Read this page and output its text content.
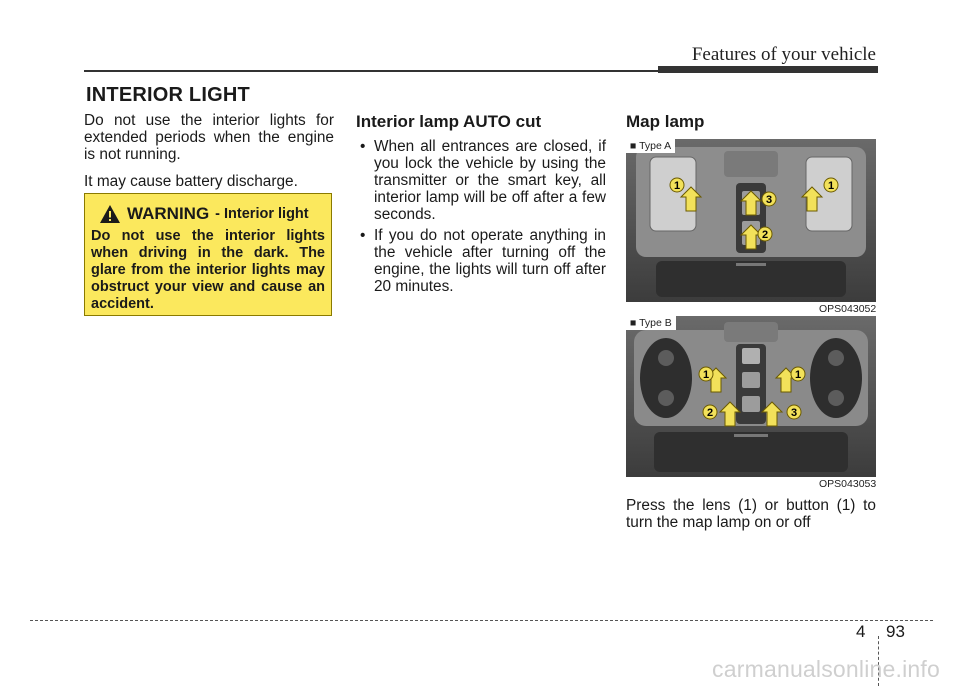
Features of your vehicle
INTERIOR LIGHT

Do not use the interior lights for extended periods when the engine is not running.

It may cause battery discharge.

WARNING - Interior light
Do not use the interior lights when driving in the dark. The glare from the interior lights may obstruct your view and cause an accident.
Interior lamp AUTO cut
• When all entrances are closed, if you lock the vehicle by using the transmitter or the smart key, all interior lamp will be off after a few seconds.
• If you do not operate anything in the vehicle after turning off the engine, the lights will turn off after 20 minutes.
Map lamp
1	1
3
2
■ Type A
OPS043052
1	1
2	3
■ Type B
OPS043053
Press the lens (1) or button (1) to turn the map lamp on or off
4 93
carmanualsonline.info
